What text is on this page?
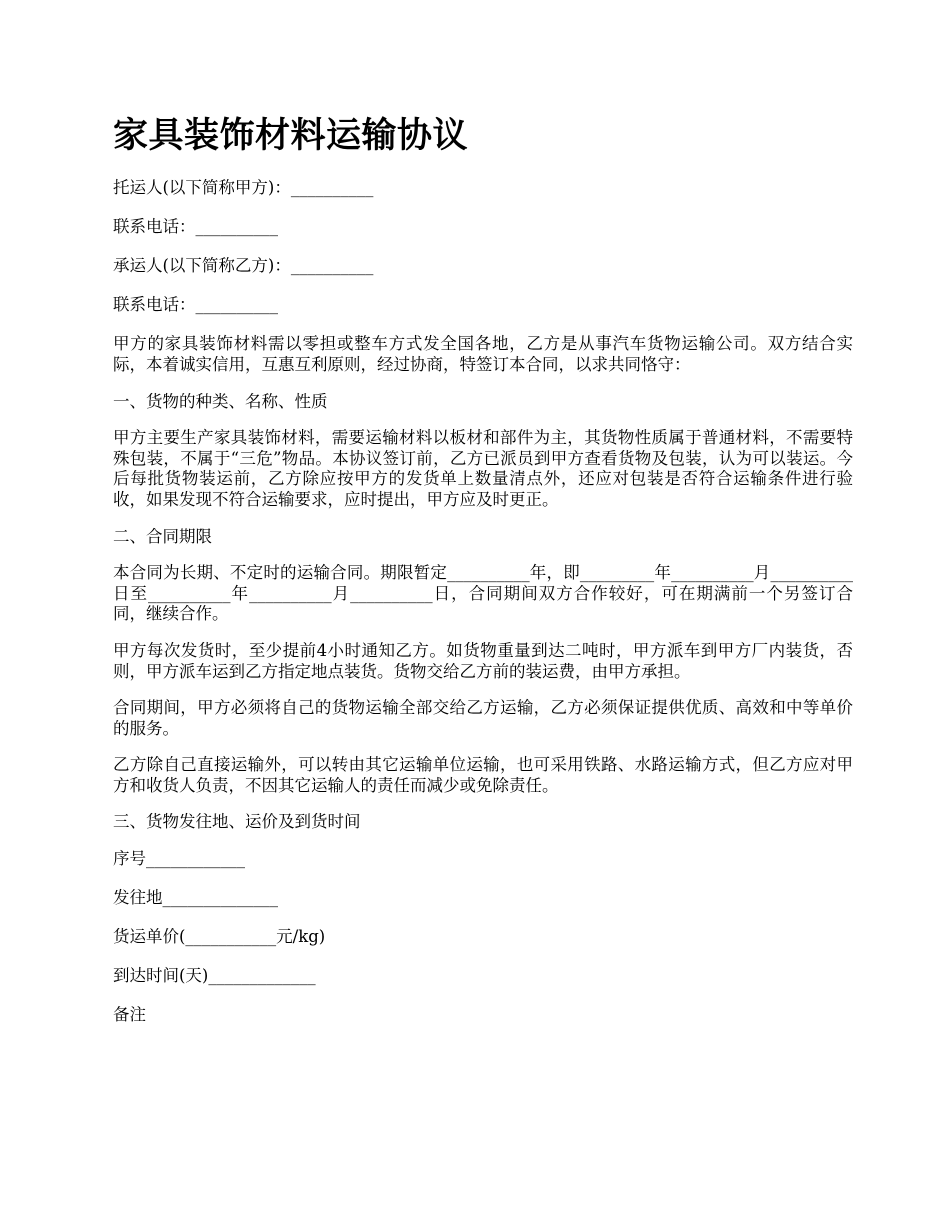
家具装饰材料运输协议

托运人(以下简称甲方)：__________

联系电话：__________

承运人(以下简称乙方)：__________

联系电话：__________

甲方的家具装饰材料需以零担或整车方式发全国各地，乙方是从事汽车货物运输公司。双方结合实际，本着诚实信用，互惠互利原则，经过协商，特签订本合同，以求共同恪守：

一、货物的种类、名称、性质

甲方主要生产家具装饰材料，需要运输材料以板材和部件为主，其货物性质属于普通材料，不需要特殊包装，不属于“三危”物品。本协议签订前，乙方已派员到甲方查看货物及包装，认为可以装运。今后每批货物装运前，乙方除应按甲方的发货单上数量清点外，还应对包装是否符合运输条件进行验收，如果发现不符合运输要求，应时提出，甲方应及时更正。

二、合同期限

本合同为长期、不定时的运输合同。期限暂定__________年，即_________年__________月__________日至__________年__________月__________日，合同期间双方合作较好，可在期满前一个另签订合同，继续合作。

甲方每次发货时，至少提前4小时通知乙方。如货物重量到达二吨时，甲方派车到甲方厂内装货，否则，甲方派车运到乙方指定地点装货。货物交给乙方前的装运费，由甲方承担。

合同期间，甲方必须将自己的货物运输全部交给乙方运输，乙方必须保证提供优质、高效和中等单价的服务。

乙方除自己直接运输外，可以转由其它运输单位运输，也可采用铁路、水路运输方式，但乙方应对甲方和收货人负责，不因其它运输人的责任而减少或免除责任。

三、货物发往地、运价及到货时间

序号____________

发往地______________

货运单价(___________元/kg)

到达时间(天)_____________

备注
